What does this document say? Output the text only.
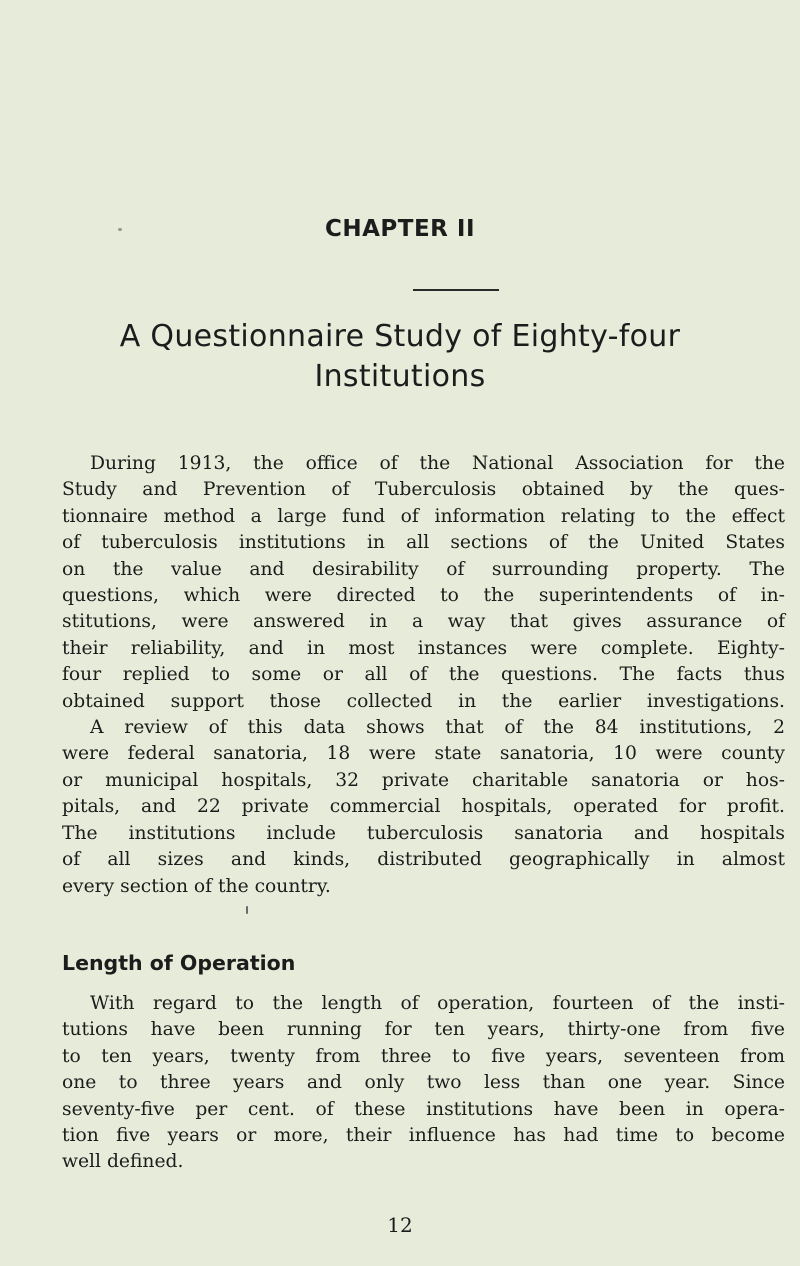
CHAPTER II
A Questionnaire Study of Eighty-four
Institutions
During 1913, the office of the National Association for the
Study and Prevention of Tuberculosis obtained by the ques-
tionnaire method a large fund of information relating to the effect
of tuberculosis institutions in all sections of the United States
on the value and desirability of surrounding property. The
questions, which were directed to the superintendents of in-
stitutions, were answered in a way that gives assurance of
their reliability, and in most instances were complete. Eighty-
four replied to some or all of the questions. The facts thus
obtained support those collected in the earlier investigations.
A review of this data shows that of the 84 institutions, 2
were federal sanatoria, 18 were state sanatoria, 10 were county
or municipal hospitals, 32 private charitable sanatoria or hos-
pitals, and 22 private commercial hospitals, operated for profit.
The institutions include tuberculosis sanatoria and hospitals
of all sizes and kinds, distributed geographically in almost
every section of the country.
Length of Operation
With regard to the length of operation, fourteen of the insti-
tutions have been running for ten years, thirty-one from five
to ten years, twenty from three to five years, seventeen from
one to three years and only two less than one year. Since
seventy-five per cent. of these institutions have been in opera-
tion five years or more, their influence has had time to become
well defined.
12
